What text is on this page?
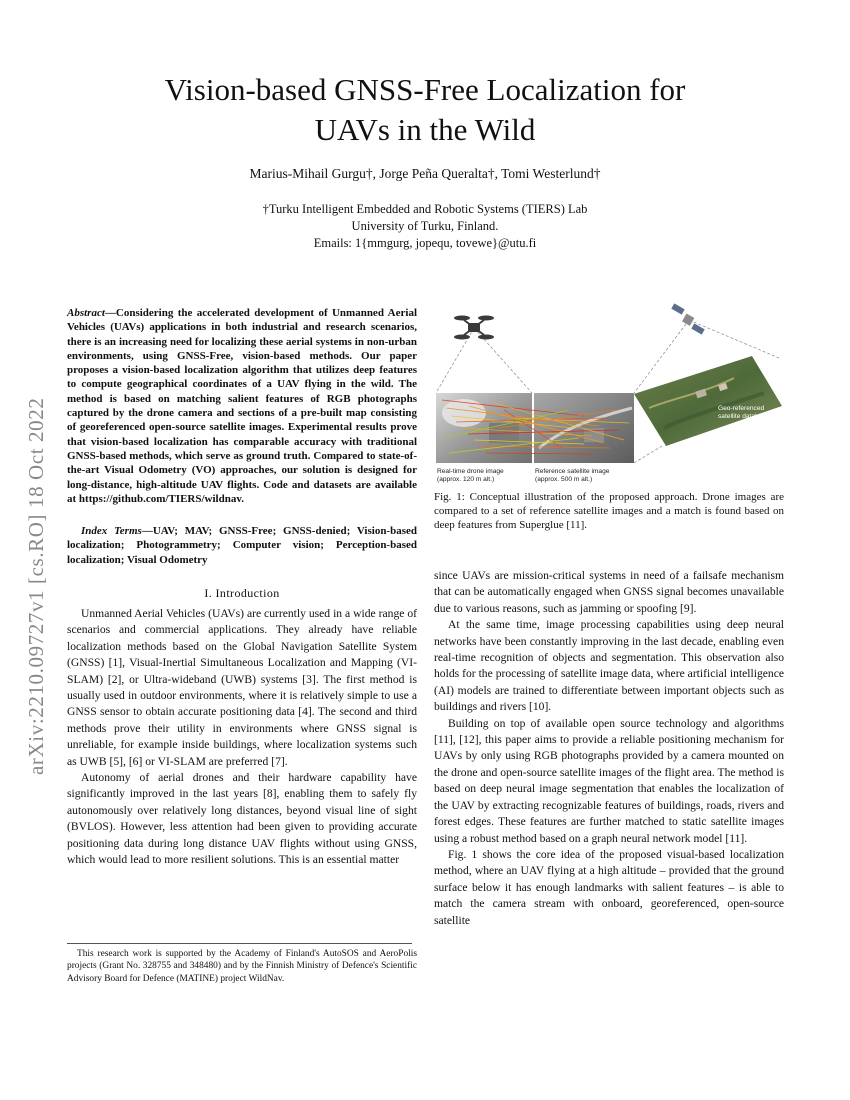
Vision-based GNSS-Free Localization for
UAVs in the Wild
Marius-Mihail Gurgu†, Jorge Peña Queralta†, Tomi Westerlund†
†Turku Intelligent Embedded and Robotic Systems (TIERS) Lab
University of Turku, Finland.
Emails: 1{mmgurg, jopequ, tovewe}@utu.fi
arXiv:2210.09727v1 [cs.RO] 18 Oct 2022
Abstract—Considering the accelerated development of Unmanned Aerial Vehicles (UAVs) applications in both industrial and research scenarios, there is an increasing need for localizing these aerial systems in non-urban environments, using GNSS-Free, vision-based methods. Our paper proposes a vision-based localization algorithm that utilizes deep features to compute geographical coordinates of a UAV flying in the wild. The method is based on matching salient features of RGB photographs captured by the drone camera and sections of a pre-built map consisting of georeferenced open-source satellite images. Experimental results prove that vision-based localization has comparable accuracy with traditional GNSS-based methods, which serve as ground truth. Compared to state-of-the-art Visual Odometry (VO) approaches, our solution is designed for long-distance, high-altitude UAV flights. Code and datasets are available at https://github.com/TIERS/wildnav.

Index Terms—UAV; MAV; GNSS-Free; GNSS-denied; Vision-based localization; Photogrammetry; Computer vision; Perception-based localization; Visual Odometry

I. Introduction

Unmanned Aerial Vehicles (UAVs) are currently used in a wide range of scenarios and commercial applications. They already have reliable localization methods based on the Global Navigation Satellite System (GNSS) [1], Visual-Inertial Simultaneous Localization and Mapping (VI-SLAM) [2], or Ultra-wideband (UWB) systems [3]. The first method is usually used in outdoor environments, where it is relatively simple to use a GNSS sensor to obtain accurate positioning data [4]. The second and third methods prove their utility in environments where GNSS signal is unreliable, for example inside buildings, where localization systems such as UWB [5], [6] or VI-SLAM are preferred [7].

Autonomy of aerial drones and their hardware capability have significantly improved in the last years [8], enabling them to safely fly autonomously over relatively long distances, beyond visual line of sight (BVLOS). However, less attention had been given to providing accurate positioning data during long distance UAV flights without using GNSS, which would lead to more resilient solutions. This is an essential matter

This research work is supported by the Academy of Finland's AutoSOS and AeroPolis projects (Grant No. 328755 and 348480) and by the Finnish Ministry of Defence's Scientific Advisory Board for Defence (MATINE) project WildNav.

Real-time drone image
(approx. 120 m alt.)
Reference satellite image
(approx. 500 m alt.)
Geo-referenced
satellite database
Fig. 1: Conceptual illustration of the proposed approach. Drone images are compared to a set of reference satellite images and a match is found based on deep features from Superglue [11].

since UAVs are mission-critical systems in need of a failsafe mechanism that can be automatically engaged when GNSS signal becomes unavailable due to various reasons, such as jamming or spoofing [9].

At the same time, image processing capabilities using deep neural networks have been constantly improving in the last decade, enabling even real-time recognition of objects and segmentation. This observation also holds for the processing of satellite image data, where artificial intelligence (AI) models are trained to differentiate between important objects such as buildings and rivers [10].

Building on top of available open source technology and algorithms [11], [12], this paper aims to provide a reliable positioning mechanism for UAVs by only using RGB photographs provided by a camera mounted on the drone and open-source satellite images of the flight area. The method is based on deep neural image segmentation that enables the localization of the UAV by extracting recognizable features of buildings, roads, rivers and forest edges. These features are further matched to static satellite images using a robust method based on a graph neural network model [11].

Fig. 1 shows the core idea of the proposed visual-based localization method, where an UAV flying at a high altitude – provided that the ground surface below it has enough landmarks with salient features – is able to match the camera stream with onboard, georeferenced, open-source satellite
